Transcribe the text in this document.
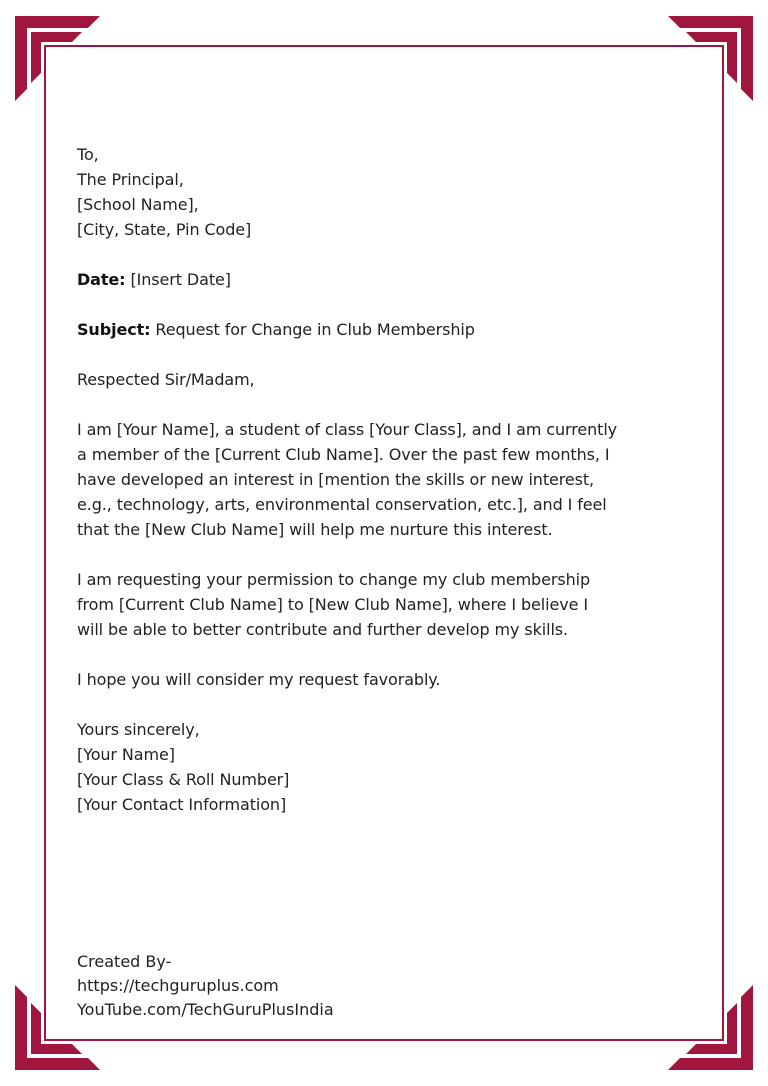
To,

The Principal,

[School Name],

[City, State, Pin Code]

Date: [Insert Date]

Subject: Request for Change in Club Membership

Respected Sir/Madam,

I am [Your Name], a student of class [Your Class], and I am currently

a member of the [Current Club Name]. Over the past few months, I

have developed an interest in [mention the skills or new interest,

e.g., technology, arts, environmental conservation, etc.], and I feel

that the [New Club Name] will help me nurture this interest.

I am requesting your permission to change my club membership

from [Current Club Name] to [New Club Name], where I believe I

will be able to better contribute and further develop my skills.

I hope you will consider my request favorably.

Yours sincerely,

[Your Name]

[Your Class & Roll Number]

[Your Contact Information]

Created By-

https://techguruplus.com

YouTube.com/TechGuruPlusIndia
